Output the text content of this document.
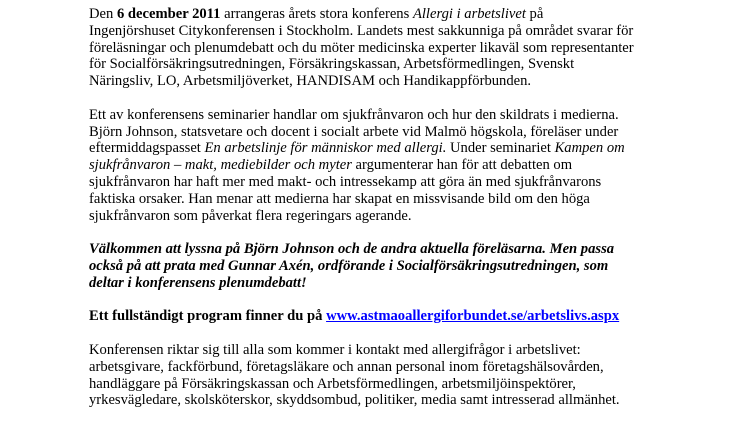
Den 6 december 2011 arrangeras årets stora konferens Allergi i arbetslivet på
Ingenjörshuset Citykonferensen i Stockholm. Landets mest sakkunniga på området svarar för
föreläsningar och plenumdebatt och du möter medicinska experter likaväl som representanter
för Socialförsäkringsutredningen, Försäkringskassan, Arbetsförmedlingen, Svenskt
Näringsliv, LO, Arbetsmiljöverket, HANDISAM och Handikappförbunden.
Ett av konferensens seminarier handlar om sjukfrånvaron och hur den skildrats i medierna.
Björn Johnson, statsvetare och docent i socialt arbete vid Malmö högskola, föreläser under
eftermiddagspasset En arbetslinje för människor med allergi. Under seminariet Kampen om
sjukfrånvaron – makt, mediebilder och myter argumenterar han för att debatten om
sjukfrånvaron har haft mer med makt- och intressekamp att göra än med sjukfrånvarons
faktiska orsaker. Han menar att medierna har skapat en missvisande bild om den höga
sjukfrånvaron som påverkat flera regeringars agerande.
Välkommen att lyssna på Björn Johnson och de andra aktuella föreläsarna. Men passa
också på att prata med Gunnar Axén, ordförande i Socialförsäkringsutredningen, som
deltar i konferensens plenumdebatt!
Ett fullständigt program finner du på www.astmaoallergiforbundet.se/arbetslivs.aspx
Konferensen riktar sig till alla som kommer i kontakt med allergifrågor i arbetslivet:
arbetsgivare, fackförbund, företagsläkare och annan personal inom företagshälsovården,
handläggare på Försäkringskassan och Arbetsförmedlingen, arbetsmiljöinspektörer,
yrkesvägledare, skolsköterskor, skyddsombud, politiker, media samt intresserad allmänhet.
